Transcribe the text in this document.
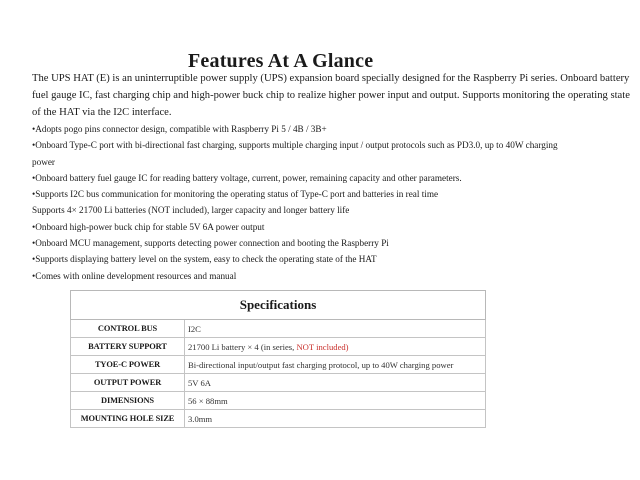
Features At A Glance
The UPS HAT (E) is an uninterruptible power supply (UPS) expansion board specially designed for the Raspberry Pi series. Onboard battery fuel gauge IC, fast charging chip and high-power buck chip to realize higher power input and output. Supports monitoring the operating state of the HAT via the I2C interface.
•Adopts pogo pins connector design, compatible with Raspberry Pi 5 / 4B / 3B+
•Onboard Type-C port with bi-directional fast charging, supports multiple charging input / output protocols such as PD3.0, up to 40W charging
power
•Onboard battery fuel gauge IC for reading battery voltage, current, power, remaining capacity and other parameters.
•Supports I2C bus communication for monitoring the operating status of Type-C port and batteries in real time
Supports 4× 21700 Li batteries (NOT included), larger capacity and longer battery life
•Onboard high-power buck chip for stable 5V 6A power output
•Onboard MCU management, supports detecting power connection and booting the Raspberry Pi
•Supports displaying battery level on the system, easy to check the operating state of the HAT
•Comes with online development resources and manual
Specifications	
CONTROL BUS	I2C
BATTERY SUPPORT	21700 Li battery × 4 (in series, NOT included)
TYOE-C POWER	Bi-directional input/output fast charging protocol, up to 40W charging power
OUTPUT POWER	5V 6A
DIMENSIONS	56 × 88mm
MOUNTING HOLE SIZE	3.0mm
